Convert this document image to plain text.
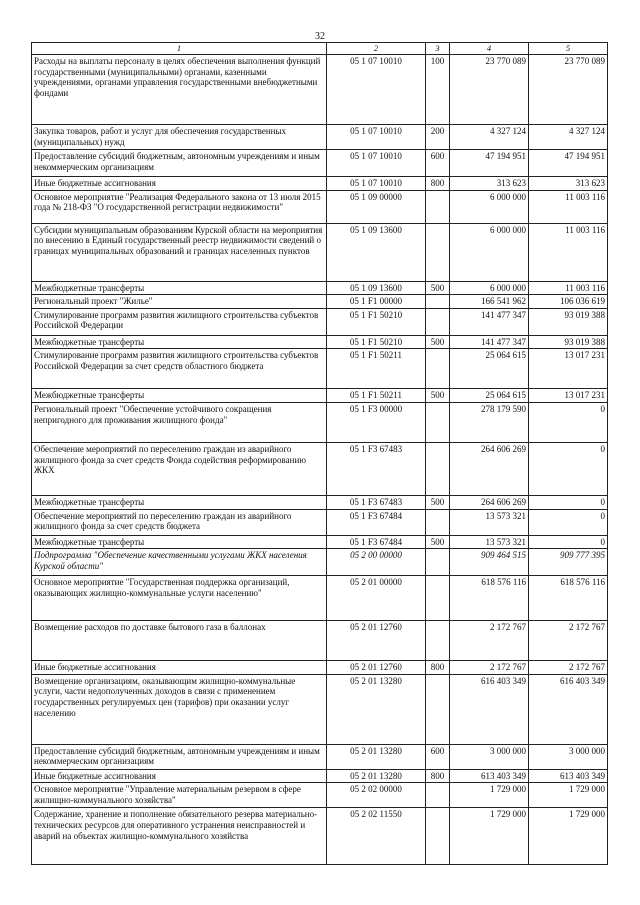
32
1	2	3	4	5
Расходы на выплаты персоналу в целях обеспечения выполнения функций государственными (муниципальными) органами, казенными учреждениями, органами управления государственными внебюджетными фондами	05 1 07 10010	100	23 770 089	23 770 089
Закупка товаров, работ и услуг для обеспечения государственных (муниципальных) нужд	05 1 07 10010	200	4 327 124	4 327 124
Предоставление субсидий бюджетным, автономным учреждениям и иным некоммерческим организациям	05 1 07 10010	600	47 194 951	47 194 951
Иные бюджетные ассигнования	05 1 07 10010	800	313 623	313 623
Основное мероприятие "Реализация Федерального закона от 13 июля 2015 года № 218-ФЗ "О государственной регистрации недвижимости"	05 1 09 00000		6 000 000	11 003 116
Субсидии муниципальным образованиям Курской области на мероприятия по внесению в Единый государственный реестр недвижимости сведений о границах муниципальных образований и границах населенных пунктов	05 1 09 13600		6 000 000	11 003 116
Межбюджетные трансферты	05 1 09 13600	500	6 000 000	11 003 116
Региональный проект "Жилье"	05 1 F1 00000		166 541 962	106 036 619
Стимулирование программ развития жилищного строительства субъектов Российской Федерации	05 1 F1 50210		141 477 347	93 019 388
Межбюджетные трансферты	05 1 F1 50210	500	141 477 347	93 019 388
Стимулирование программ развития жилищного строительства субъектов Российской Федерации за счет средств областного бюджета	05 1 F1 50211		25 064 615	13 017 231
Межбюджетные трансферты	05 1 F1 50211	500	25 064 615	13 017 231
Региональный проект "Обеспечение устойчивого сокращения непригодного для проживания жилищного фонда"	05 1 F3 00000		278 179 590	0
Обеспечение мероприятий по переселению граждан из аварийного жилищного фонда за счет средств Фонда содействия реформированию ЖКХ	05 1 F3 67483		264 606 269	0
Межбюджетные трансферты	05 1 F3 67483	500	264 606 269	0
Обеспечение мероприятий по переселению граждан из аварийного жилищного фонда за счет средств бюджета	05 1 F3 67484		13 573 321	0
Межбюджетные трансферты	05 1 F3 67484	500	13 573 321	0
Подпрограмма "Обеспечение качественными услугами ЖКХ населения Курской области"	05 2 00 00000		909 464 515	909 777 395
Основное мероприятие "Государственная поддержка организаций, оказывающих жилищно-коммунальные услуги населению"	05 2 01 00000		618 576 116	618 576 116
Возмещение расходов по доставке бытового газа в баллонах	05 2 01 12760		2 172 767	2 172 767
Иные бюджетные ассигнования	05 2 01 12760	800	2 172 767	2 172 767
Возмещение организациям, оказывающим жилищно-коммунальные услуги, части недополученных доходов в связи с применением государственных регулируемых цен (тарифов) при оказании услуг населению	05 2 01 13280		616 403 349	616 403 349
Предоставление субсидий бюджетным, автономным учреждениям и иным некоммерческим организациям	05 2 01 13280	600	3 000 000	3 000 000
Иные бюджетные ассигнования	05 2 01 13280	800	613 403 349	613 403 349
Основное мероприятие "Управление материальным резервом в сфере жилищно-коммунального хозяйства"	05 2 02 00000		1 729 000	1 729 000
Содержание, хранение и пополнение обязательного резерва материально-технических ресурсов для оперативного устранения неисправностей и аварий на объектах жилищно-коммунального хозяйства	05 2 02 11550		1 729 000	1 729 000
